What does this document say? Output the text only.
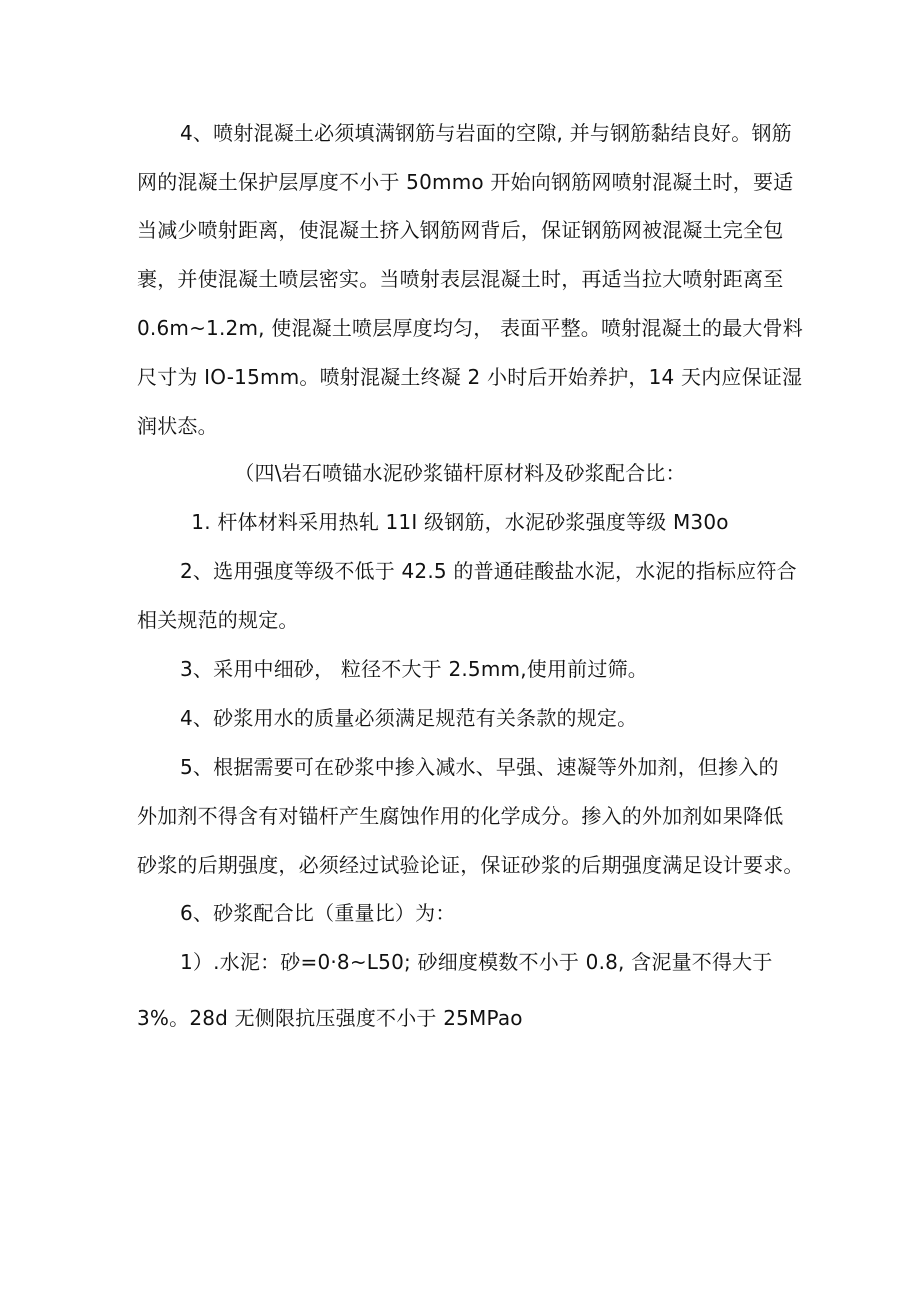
4、喷射混凝土必须填满钢筋与岩面的空隙, 并与钢筋黏结良好。钢筋
网的混凝土保护层厚度不小于 50mmo 开始向钢筋网喷射混凝土时，要适
当减少喷射距离，使混凝土挤入钢筋网背后，保证钢筋网被混凝土完全包
裹，并使混凝土喷层密实。当喷射表层混凝土时，再适当拉大喷射距离至
0.6m~1.2m, 使混凝土喷层厚度均匀， 表面平整。喷射混凝土的最大骨料
尺寸为 IO-15mm。喷射混凝土终凝 2 小时后开始养护，14 天内应保证湿
润状态。
（四\岩石喷锚水泥砂浆锚杆原材料及砂浆配合比：
1. 杆体材料采用热轧 11I 级钢筋，水泥砂浆强度等级 M30o
2、选用强度等级不低于 42.5 的普通硅酸盐水泥，水泥的指标应符合
相关规范的规定。
3、采用中细砂， 粒径不大于 2.5mm,使用前过筛。
4、砂浆用水的质量必须满足规范有关条款的规定。
5、根据需要可在砂浆中掺入减水、早强、速凝等外加剂，但掺入的
外加剂不得含有对锚杆产生腐蚀作用的化学成分。掺入的外加剂如果降低
砂浆的后期强度，必须经过试验论证，保证砂浆的后期强度满足设计要求。
6、砂浆配合比（重量比）为：
1）.水泥：砂=0·8~L50; 砂细度模数不小于 0.8, 含泥量不得大于
3%。28d 无侧限抗压强度不小于 25MPao
